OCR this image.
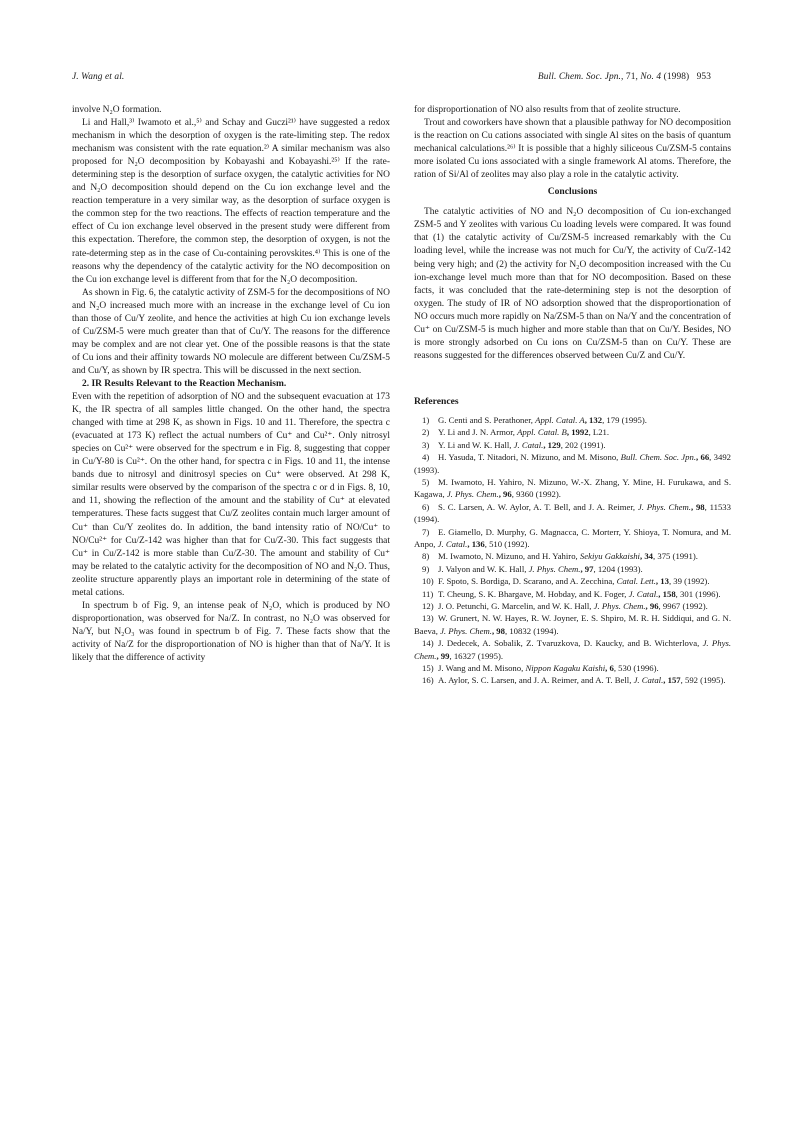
J. Wang et al.	Bull. Chem. Soc. Jpn., 71, No. 4 (1998) 953

involve N₂O formation.

Li and Hall,³⁾ Iwamoto et al.,⁵⁾ and Schay and Guczi²¹⁾ have suggested a redox mechanism in which the desorption of oxygen is the rate-limiting step. The redox mechanism was consistent with the rate equation.²⁾ A similar mechanism was also proposed for N₂O decomposition by Kobayashi and Kobayashi.²⁵⁾ If the rate-determining step is the desorption of surface oxygen, the catalytic activities for NO and N₂O decomposition should depend on the Cu ion exchange level and the reaction temperature in a very similar way, as the desorption of surface oxygen is the common step for the two reactions. The effects of reaction temperature and the effect of Cu ion exchange level observed in the present study were different from this expectation. Therefore, the common step, the desorption of oxygen, is not the rate-determing step as in the case of Cu-containing perovskites.⁴⁾ This is one of the reasons why the dependency of the catalytic activity for the NO decomposition on the Cu ion exchange level is different from that for the N₂O decomposition.

As shown in Fig. 6, the catalytic activity of ZSM-5 for the decompositions of NO and N₂O increased much more with an increase in the exchange level of Cu ion than those of Cu/Y zeolite, and hence the activities at high Cu ion exchange levels of Cu/ZSM-5 were much greater than that of Cu/Y. The reasons for the difference may be complex and are not clear yet. One of the possible reasons is that the state of Cu ions and their affinity towards NO molecule are different between Cu/ZSM-5 and Cu/Y, as shown by IR spectra. This will be discussed in the next section.

2. IR Results Relevant to the Reaction Mechanism.

Even with the repetition of adsorption of NO and the subsequent evacuation at 173 K, the IR spectra of all samples little changed. On the other hand, the spectra changed with time at 298 K, as shown in Figs. 10 and 11. Therefore, the spectra c (evacuated at 173 K) reflect the actual numbers of Cu⁺ and Cu²⁺. Only nitrosyl species on Cu²⁺ were observed for the spectrum e in Fig. 8, suggesting that copper in Cu/Y-80 is Cu²⁺. On the other hand, for spectra c in Figs. 10 and 11, the intense bands due to nitrosyl and dinitrosyl species on Cu⁺ were observed. At 298 K, similar results were observed by the comparison of the spectra c or d in Figs. 8, 10, and 11, showing the reflection of the amount and the stability of Cu⁺ at elevated temperatures. These facts suggest that Cu/Z zeolites contain much larger amount of Cu⁺ than Cu/Y zeolites do. In addition, the band intensity ratio of NO/Cu⁺ to NO/Cu²⁺ for Cu/Z-142 was higher than that for Cu/Z-30. This fact suggests that Cu⁺ in Cu/Z-142 is more stable than Cu/Z-30. The amount and stability of Cu⁺ may be related to the catalytic activity for the decomposition of NO and N₂O. Thus, zeolite structure apparently plays an important role in determining of the state of metal cations.

In spectrum b of Fig. 9, an intense peak of N₂O, which is produced by NO disproportionation, was observed for Na/Z. In contrast, no N₂O was observed for Na/Y, but N₂O₃ was found in spectrum b of Fig. 7. These facts show that the activity of Na/Z for the disproportionation of NO is higher than that of Na/Y. It is likely that the difference of activity

for disproportionation of NO also results from that of zeolite structure.

Trout and coworkers have shown that a plausible pathway for NO decomposition is the reaction on Cu cations associated with single Al sites on the basis of quantum mechanical calculations.²⁶⁾ It is possible that a highly siliceous Cu/ZSM-5 contains more isolated Cu ions associated with a single framework Al atoms. Therefore, the ration of Si/Al of zeolites may also play a role in the catalytic activity.

Conclusions

The catalytic activities of NO and N₂O decomposition of Cu ion-exchanged ZSM-5 and Y zeolites with various Cu loading levels were compared. It was found that (1) the catalytic activity of Cu/ZSM-5 increased remarkably with the Cu loading level, while the increase was not much for Cu/Y, the activity of Cu/Z-142 being very high; and (2) the activity for N₂O decomposition increased with the Cu ion-exchange level much more than that for NO decomposition. Based on these facts, it was concluded that the rate-determining step is not the desorption of oxygen. The study of IR of NO adsorption showed that the disproportionation of NO occurs much more rapidly on Na/ZSM-5 than on Na/Y and the concentration of Cu⁺ on Cu/ZSM-5 is much higher and more stable than that on Cu/Y. Besides, NO is more strongly adsorbed on Cu ions on Cu/ZSM-5 than on Cu/Y. These are reasons suggested for the differences observed between Cu/Z and Cu/Y.

References

1) G. Centi and S. Perathoner, Appl. Catal. A, 132, 179 (1995).

2) Y. Li and J. N. Armor, Appl. Catal. B, 1992, L21.

3) Y. Li and W. K. Hall, J. Catal., 129, 202 (1991).

4) H. Yasuda, T. Nitadori, N. Mizuno, and M. Misono, Bull. Chem. Soc. Jpn., 66, 3492 (1993).

5) M. Iwamoto, H. Yahiro, N. Mizuno, W.-X. Zhang, Y. Mine, H. Furukawa, and S. Kagawa, J. Phys. Chem., 96, 9360 (1992).

6) S. C. Larsen, A. W. Aylor, A. T. Bell, and J. A. Reimer, J. Phys. Chem., 98, 11533 (1994).

7) E. Giamello, D. Murphy, G. Magnacca, C. Morterr, Y. Shioya, T. Nomura, and M. Anpo, J. Catal., 136, 510 (1992).

8) M. Iwamoto, N. Mizuno, and H. Yahiro, Sekiyu Gakkaishi, 34, 375 (1991).

9) J. Valyon and W. K. Hall, J. Phys. Chem., 97, 1204 (1993).

10) F. Spoto, S. Bordiga, D. Scarano, and A. Zecchina, Catal. Lett., 13, 39 (1992).

11) T. Cheung, S. K. Bhargave, M. Hobday, and K. Foger, J. Catal., 158, 301 (1996).

12) J. O. Petunchi, G. Marcelin, and W. K. Hall, J. Phys. Chem., 96, 9967 (1992).

13) W. Grunert, N. W. Hayes, R. W. Joyner, E. S. Shpiro, M. R. H. Siddiqui, and G. N. Baeva, J. Phys. Chem., 98, 10832 (1994).

14) J. Dedecek, A. Sobalik, Z. Tvaruzkova, D. Kaucky, and B. Wichterlova, J. Phys. Chem., 99, 16327 (1995).

15) J. Wang and M. Misono, Nippon Kagaku Kaishi, 6, 530 (1996).

16) A. Aylor, S. C. Larsen, and J. A. Reimer, and A. T. Bell, J. Catal., 157, 592 (1995).
